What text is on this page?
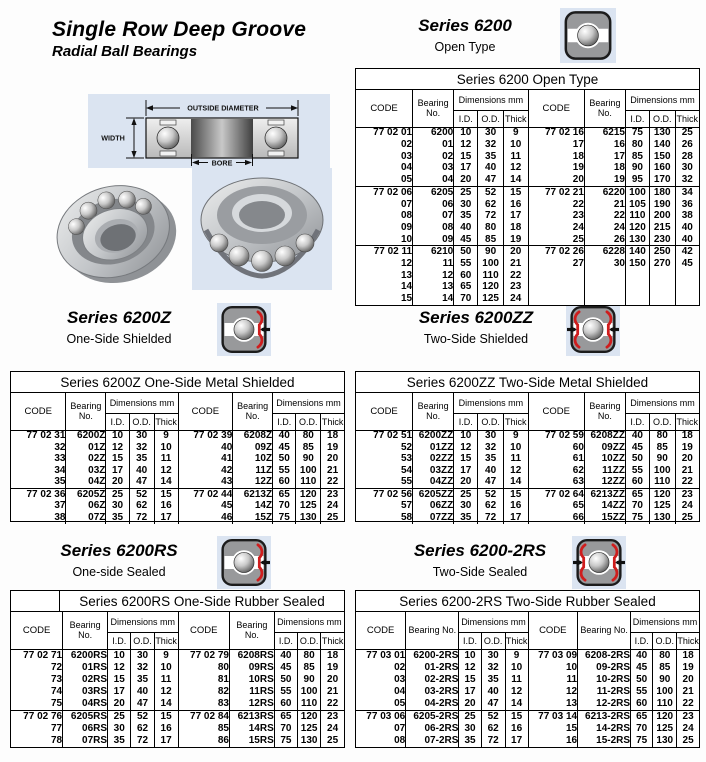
Single Row Deep Groove
Radial Ball Bearings
OUTSIDE DIAMETER
WIDTH
BORE
Series 6200
Open Type
Series 6200Z
One-Side Shielded
Series 6200ZZ
Two-Side Shielded
Series 6200RS
One-side Sealed
Series 6200-2RS
Two-Side Sealed
Series 6200 Open Type
CODE	Bearing No.	Dimensions mm		
		I.D.	O.D.	Thick
77 02 01	6200	10	30	9
02	01	12	32	10
03	02	15	35	11
04	03	17	40	12
05	04	20	47	14
77 02 06	6205	25	52	15
07	06	30	62	16
08	07	35	72	17
09	08	40	80	18
10	09	45	85	19
77 02 11	6210	50	90	20
12	11	55	100	21
13	12	60	110	22
14	13	65	120	23
15	14	70	125	24
CODE	Bearing No.	Dimensions mm		
		I.D.	O.D.	Thick
77 02 16	6215	75	130	25
17	16	80	140	26
18	17	85	150	28
19	18	90	160	30
20	19	95	170	32
77 02 21	6220	100	180	34
22	21	105	190	36
23	22	110	200	38
24	24	120	215	40
25	26	130	230	40
77 02 26	6228	140	250	42
27	30	150	270	45

Series 6200Z One-Side Metal Shielded
CODE	Bearing No.	Dimensions mm		
		I.D.	O.D.	Thick
77 02 31	6200Z	10	30	9
32	01Z	12	32	10
33	02Z	15	35	11
34	03Z	17	40	12
35	04Z	20	47	14
77 02 36	6205Z	25	52	15
37	06Z	30	62	16
38	07Z	35	72	17
CODE	Bearing No.	Dimensions mm		
		I.D.	O.D.	Thick
77 02 39	6208Z	40	80	18
40	09Z	45	85	19
41	10Z	50	90	20
42	11Z	55	100	21
43	12Z	60	110	22
77 02 44	6213Z	65	120	23
45	14Z	70	125	24
46	15Z	75	130	25
Series 6200ZZ Two-Side Metal Shielded
CODE	Bearing No.	Dimensions mm		
		I.D.	O.D.	Thick
77 02 51	6200ZZ	10	30	9
52	01ZZ	12	32	10
53	02ZZ	15	35	11
54	03ZZ	17	40	12
55	04ZZ	20	47	14
77 02 56	6205ZZ	25	52	15
57	06ZZ	30	62	16
58	07ZZ	35	72	17
CODE	Bearing No.	Dimensions mm		
		I.D.	O.D.	Thick
77 02 59	6208ZZ	40	80	18
60	09ZZ	45	85	19
61	10ZZ	50	90	20
62	11ZZ	55	100	21
63	12ZZ	60	110	22
77 02 64	6213ZZ	65	120	23
65	14ZZ	70	125	24
66	15ZZ	75	130	25
Series 6200RS One-Side Rubber Sealed
CODE	Bearing No.	Dimensions mm		
		I.D.	O.D.	Thick
77 02 71	6200RS	10	30	9
72	01RS	12	32	10
73	02RS	15	35	11
74	03RS	17	40	12
75	04RS	20	47	14
77 02 76	6205RS	25	52	15
77	06RS	30	62	16
78	07RS	35	72	17
CODE	Bearing No.	Dimensions mm		
		I.D.	O.D.	Thick
77 02 79	6208RS	40	80	18
80	09RS	45	85	19
81	10RS	50	90	20
82	11RS	55	100	21
83	12RS	60	110	22
77 02 84	6213RS	65	120	23
85	14RS	70	125	24
86	15RS	75	130	25
Series 6200-2RS Two-Side Rubber Sealed
CODE	Bearing No.	Dimensions mm		
		I.D.	O.D.	Thick
77 03 01	6200-2RS	10	30	9
02	01-2RS	12	32	10
03	02-2RS	15	35	11
04	03-2RS	17	40	12
05	04-2RS	20	47	14
77 03 06	6205-2RS	25	52	15
07	06-2RS	30	62	16
08	07-2RS	35	72	17
CODE	Bearing No.	Dimensions mm		
		I.D.	O.D.	Thick
77 03 09	6208-2RS	40	80	18
10	09-2RS	45	85	19
11	10-2RS	50	90	20
12	11-2RS	55	100	21
13	12-2RS	60	110	22
77 03 14	6213-2RS	65	120	23
15	14-2RS	70	125	24
16	15-2RS	75	130	25
